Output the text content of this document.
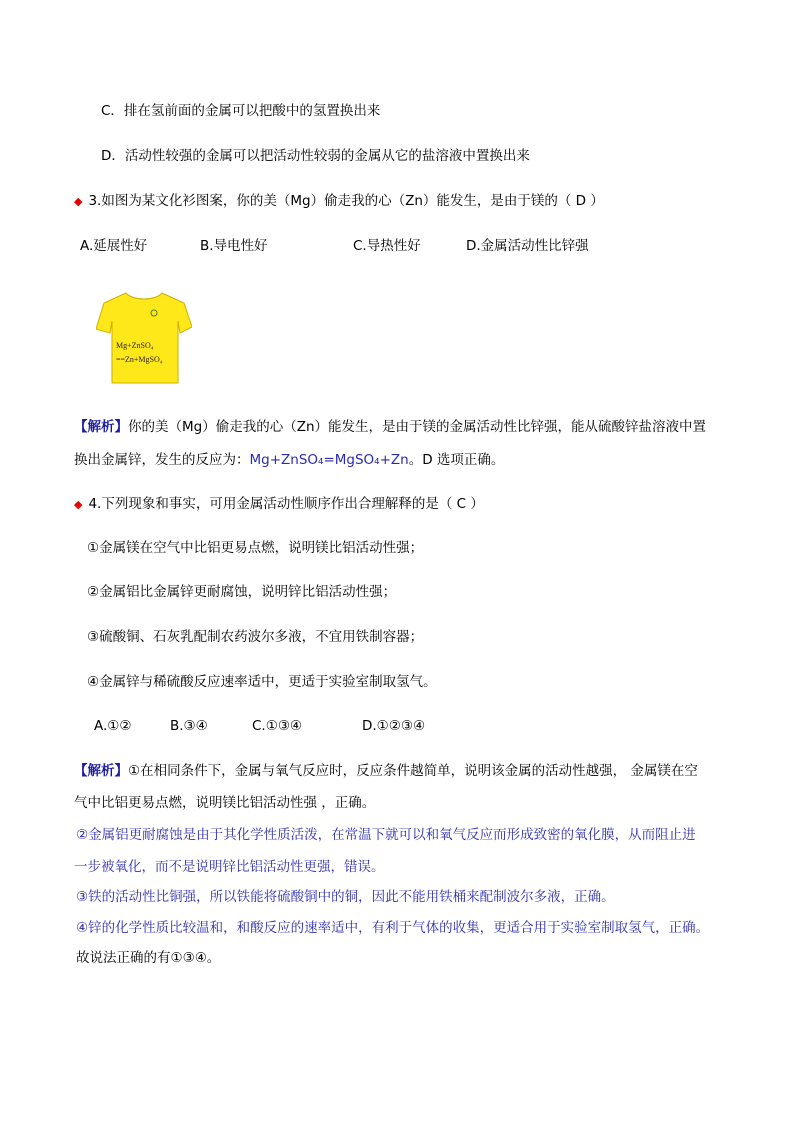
C．排在氢前面的金属可以把酸中的氢置换出来
D．活动性较强的金属可以把活动性较弱的金属从它的盐溶液中置换出来
◆ 3.如图为某文化衫图案，你的美（Mg）偷走我的心（Zn）能发生，是由于镁的（ D ）
A.延展性好	B.导电性好	C.导热性好	D.金属活动性比锌强
Mg+ZnSO₄
==Zn+MgSO₄
【解析】你的美（Mg）偷走我的心（Zn）能发生，是由于镁的金属活动性比锌强，能从硫酸锌盐溶液中置
换出金属锌，发生的反应为：Mg+ZnSO₄=MgSO₄+Zn。D 选项正确。
◆ 4.下列现象和事实，可用金属活动性顺序作出合理解释的是（ C ）
①金属镁在空气中比铝更易点燃，说明镁比铝活动性强；
②金属铝比金属锌更耐腐蚀，说明锌比铝活动性强；
③硫酸铜、石灰乳配制农药波尔多液，不宜用铁制容器；
④金属锌与稀硫酸反应速率适中，更适于实验室制取氢气。
A.①②	B.③④	C.①③④	D.①②③④
【解析】①在相同条件下，金属与氧气反应时，反应条件越简单，说明该金属的活动性越强， 金属镁在空
气中比铝更易点燃，说明镁比铝活动性强 ，正确。
②金属铝更耐腐蚀是由于其化学性质活泼，在常温下就可以和氧气反应而形成致密的氧化膜，从而阻止进
一步被氧化，而不是说明锌比铝活动性更强，错误。
③铁的活动性比铜强，所以铁能将硫酸铜中的铜，因此不能用铁桶来配制波尔多液，正确。
④锌的化学性质比较温和，和酸反应的速率适中，有利于气体的收集，更适合用于实验室制取氢气，正确。
故说法正确的有①③④。
